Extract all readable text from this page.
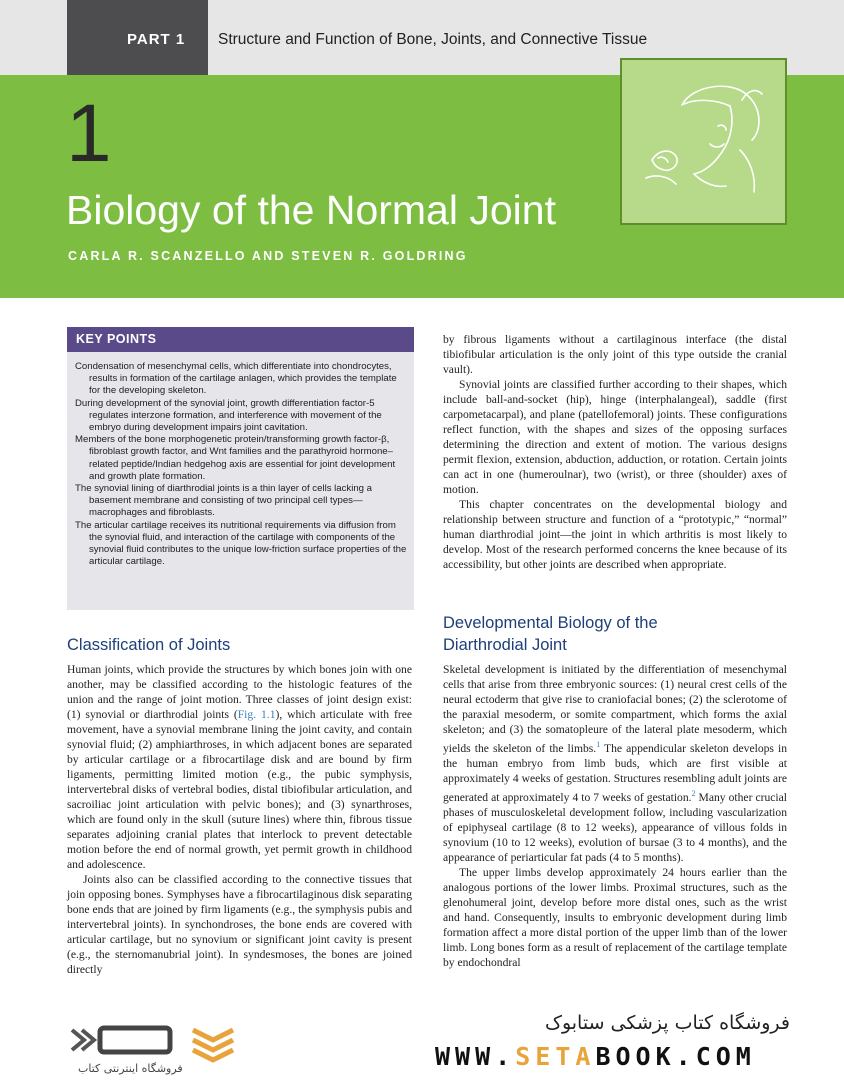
PART 1 Structure and Function of Bone, Joints, and Connective Tissue
1
Biology of the Normal Joint
CARLA R. SCANZELLO AND STEVEN R. GOLDRING
KEY POINTS
Condensation of mesenchymal cells, which differentiate into chondrocytes, results in formation of the cartilage anlagen, which provides the template for the developing skeleton.
During development of the synovial joint, growth differentiation factor-5 regulates interzone formation, and interference with movement of the embryo during development impairs joint cavitation.
Members of the bone morphogenetic protein/transforming growth factor-β, fibroblast growth factor, and Wnt families and the parathyroid hormone–related peptide/Indian hedgehog axis are essential for joint development and growth plate formation.
The synovial lining of diarthrodial joints is a thin layer of cells lacking a basement membrane and consisting of two principal cell types—macrophages and fibroblasts.
The articular cartilage receives its nutritional requirements via diffusion from the synovial fluid, and interaction of the cartilage with components of the synovial fluid contributes to the unique low-friction surface properties of the articular cartilage.
Classification of Joints

Human joints, which provide the structures by which bones join with one another, may be classified according to the histologic features of the union and the range of joint motion. Three classes of joint design exist: (1) synovial or diarthrodial joints (Fig. 1.1), which articulate with free movement, have a synovial membrane lining the joint cavity, and contain synovial fluid; (2) amphiarthroses, in which adjacent bones are separated by articular cartilage or a fibrocartilage disk and are bound by firm ligaments, permitting limited motion (e.g., the pubic symphysis, intervertebral disks of vertebral bodies, distal tibiofibular articulation, and sacroiliac joint articulation with pelvic bones); and (3) synarthroses, which are found only in the skull (suture lines) where thin, fibrous tissue separates adjoining cranial plates that interlock to prevent detectable motion before the end of normal growth, yet permit growth in childhood and adolescence.

Joints also can be classified according to the connective tissues that join opposing bones. Symphyses have a fibrocartilaginous disk separating bone ends that are joined by firm ligaments (e.g., the symphysis pubis and intervertebral joints). In synchondroses, the bone ends are covered with articular cartilage, but no synovium or significant joint cavity is present (e.g., the sternomanubrial joint). In syndesmoses, the bones are joined directly

by fibrous ligaments without a cartilaginous interface (the distal tibiofibular articulation is the only joint of this type outside the cranial vault).

Synovial joints are classified further according to their shapes, which include ball-and-socket (hip), hinge (interphalangeal), saddle (first carpometacarpal), and plane (patellofemoral) joints. These configurations reflect function, with the shapes and sizes of the opposing surfaces determining the direction and extent of motion. The various designs permit flexion, extension, abduction, adduction, or rotation. Certain joints can act in one (humeroulnar), two (wrist), or three (shoulder) axes of motion.

This chapter concentrates on the developmental biology and relationship between structure and function of a “prototypic,” “normal” human diarthrodial joint—the joint in which arthritis is most likely to develop. Most of the research performed concerns the knee because of its accessibility, but other joints are described when appropriate.

Developmental Biology of the Diarthrodial Joint

Skeletal development is initiated by the differentiation of mesenchymal cells that arise from three embryonic sources: (1) neural crest cells of the neural ectoderm that give rise to craniofacial bones; (2) the sclerotome of the paraxial mesoderm, or somite compartment, which forms the axial skeleton; and (3) the somatopleure of the lateral plate mesoderm, which yields the skeleton of the limbs.$^1$ The appendicular skeleton develops in the human embryo from limb buds, which are first visible at approximately 4 weeks of gestation. Structures resembling adult joints are generated at approximately 4 to 7 weeks of gestation.$^2$ Many other crucial phases of musculoskeletal development follow, including vascularization of epiphyseal cartilage (8 to 12 weeks), appearance of villous folds in synovium (10 to 12 weeks), evolution of bursae (3 to 4 months), and the appearance of periarticular fat pads (4 to 5 months).

The upper limbs develop approximately 24 hours earlier than the analogous portions of the lower limbs. Proximal structures, such as the glenohumeral joint, develop before more distal ones, such as the wrist and hand. Consequently, insults to embryonic development during limb formation affect a more distal portion of the upper limb than of the lower limb. Long bones form as a result of replacement of the cartilage template by endochondral

فروشگاه اینترنتی کتاب
فروشگاه کتاب پزشکی ستابوک
WWW.SETABOOK.COM
